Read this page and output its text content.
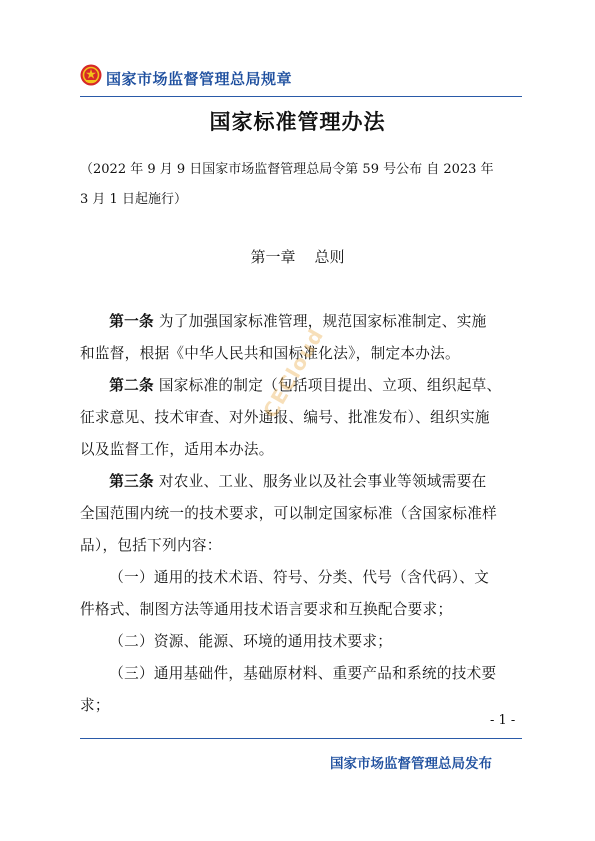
国家市场监督管理总局规章
国家标准管理办法
（2022 年 9 月 9 日国家市场监督管理总局令第 59 号公布 自 2023 年
3 月 1 日起施行）
第一章    总则
第一条 为了加强国家标准管理，规范国家标准制定、实施
和监督，根据《中华人民共和国标准化法》，制定本办法。
第二条 国家标准的制定（包括项目提出、立项、组织起草、
征求意见、技术审查、对外通报、编号、批准发布）、组织实施
以及监督工作，适用本办法。
第三条 对农业、工业、服务业以及社会事业等领域需要在
全国范围内统一的技术要求，可以制定国家标准（含国家标准样
品），包括下列内容：
（一）通用的技术术语、符号、分类、代号（含代码）、文
件格式、制图方法等通用技术语言要求和互换配合要求；
（二）资源、能源、环境的通用技术要求；
（三）通用基础件，基础原材料、重要产品和系统的技术要
求；
CECloud
- 1 -
国家市场监督管理总局发布
